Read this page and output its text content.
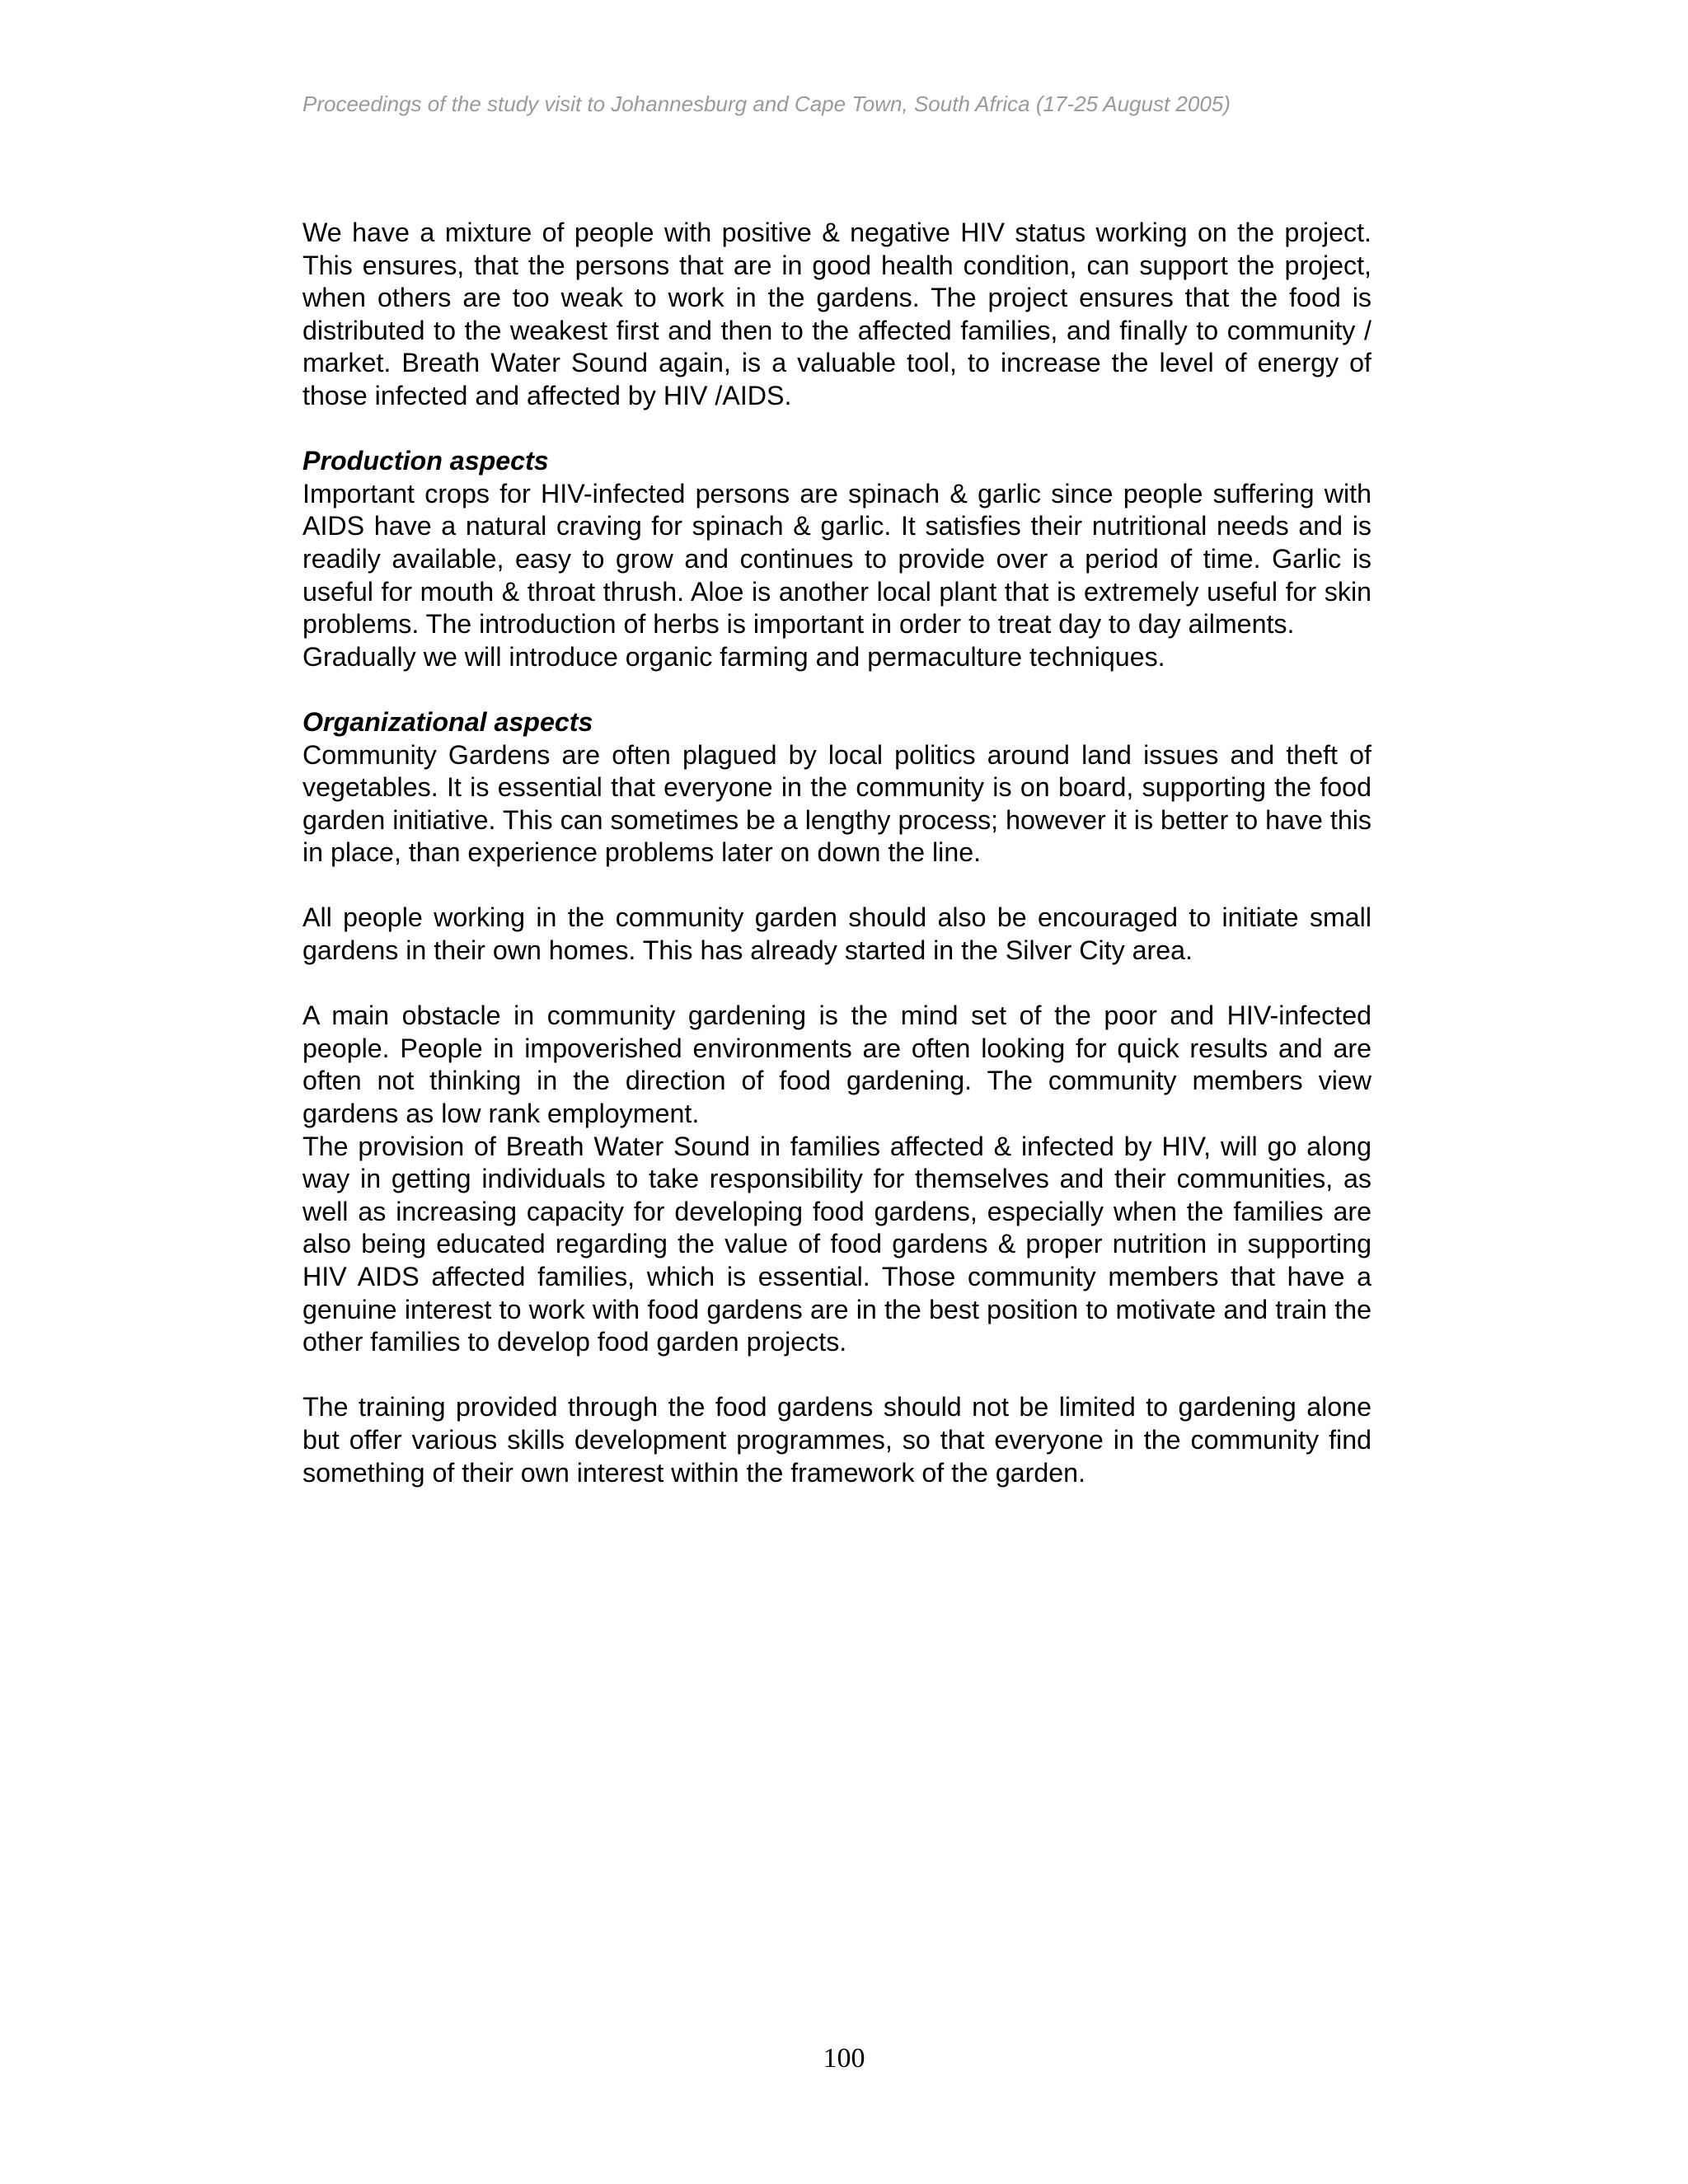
Proceedings of the study visit to Johannesburg and Cape Town, South Africa (17-25 August 2005)

We have a mixture of people with positive & negative HIV status working on the project. This ensures, that the persons that are in good health condition, can support the project, when others are too weak to work in the gardens. The project ensures that the food is distributed to the weakest first and then to the affected families, and finally to community / market. Breath Water Sound again, is a valuable tool, to increase the level of energy of those infected and affected by HIV /AIDS.

Production aspects

Important crops for HIV-infected persons are spinach & garlic since people suffering with AIDS have a natural craving for spinach & garlic. It satisfies their nutritional needs and is readily available, easy to grow and continues to provide over a period of time. Garlic is useful for mouth & throat thrush. Aloe is another local plant that is extremely useful for skin problems. The introduction of herbs is important in order to treat day to day ailments.

Gradually we will introduce organic farming and permaculture techniques.

Organizational aspects

Community Gardens are often plagued by local politics around land issues and theft of vegetables. It is essential that everyone in the community is on board, supporting the food garden initiative. This can sometimes be a lengthy process; however it is better to have this in place, than experience problems later on down the line.

All people working in the community garden should also be encouraged to initiate small gardens in their own homes. This has already started in the Silver City area.

A main obstacle in community gardening is the mind set of the poor and HIV-infected people. People in impoverished environments are often looking for quick results and are often not thinking in the direction of food gardening. The community members view gardens as low rank employment.

The provision of Breath Water Sound in families affected & infected by HIV, will go along way in getting individuals to take responsibility for themselves and their communities, as well as increasing capacity for developing food gardens, especially when the families are also being educated regarding the value of food gardens & proper nutrition in supporting HIV AIDS affected families, which is essential. Those community members that have a genuine interest to work with food gardens are in the best position to motivate and train the other families to develop food garden projects.

The training provided through the food gardens should not be limited to gardening alone but offer various skills development programmes, so that everyone in the community find something of their own interest within the framework of the garden.

100
